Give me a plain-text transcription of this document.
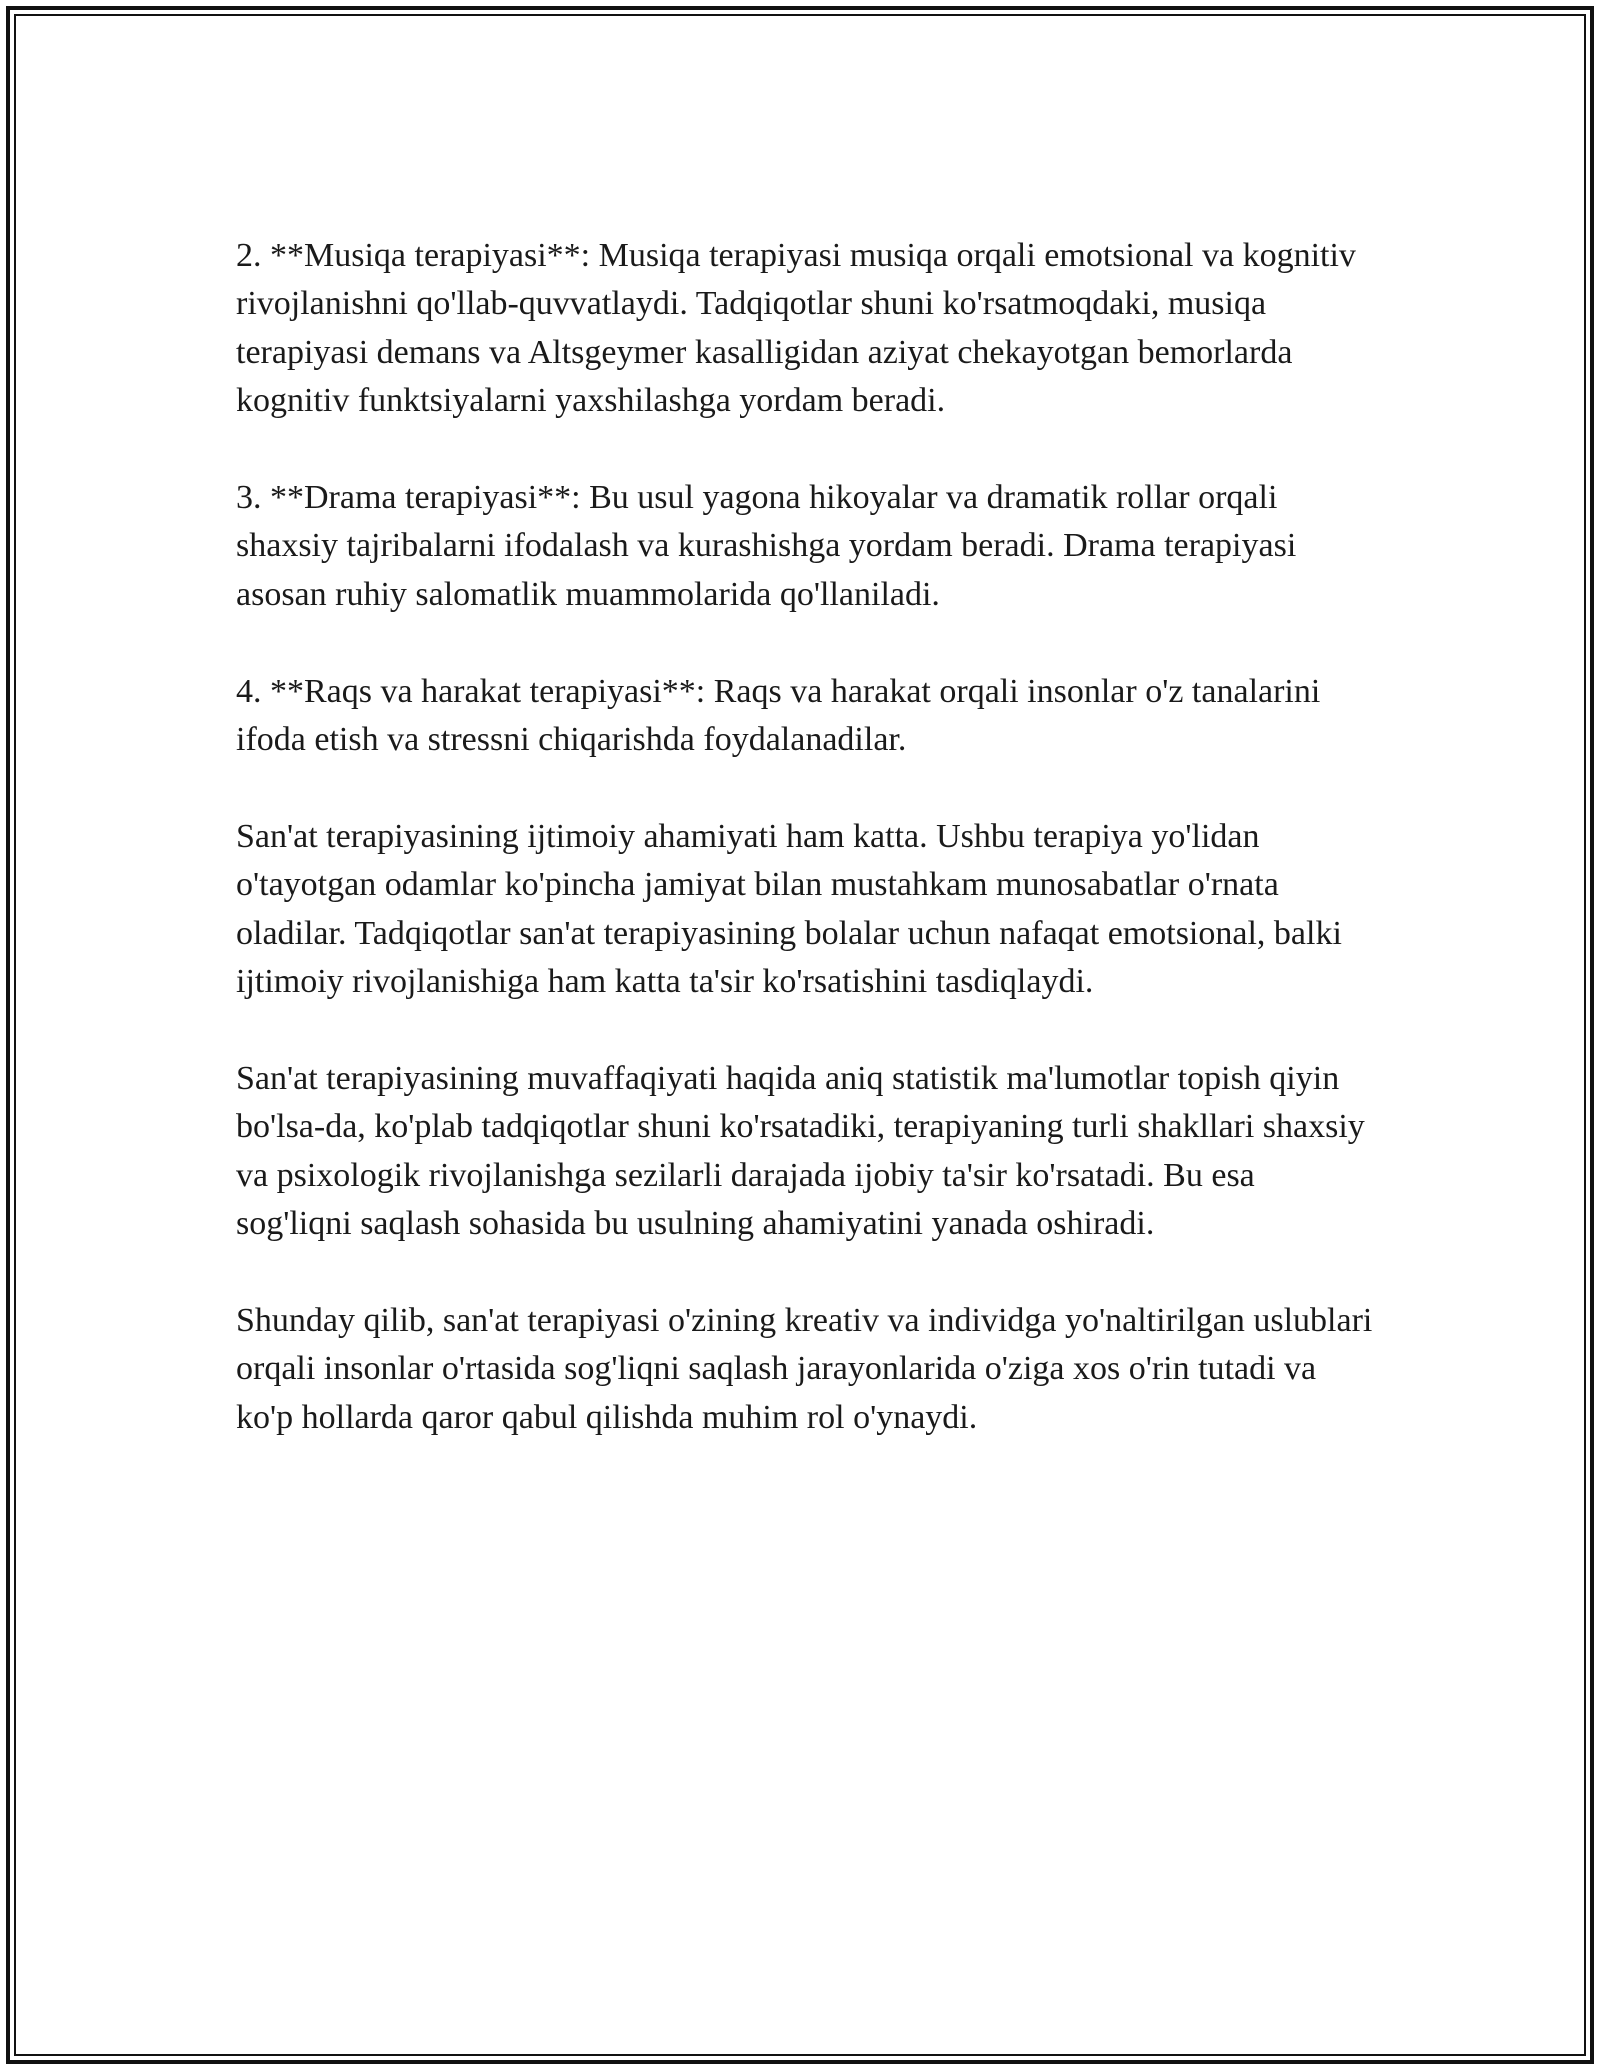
2. **Musiqa terapiyasi**: Musiqa terapiyasi musiqa orqali emotsional va kognitiv rivojlanishni qo'llab-quvvatlaydi. Tadqiqotlar shuni ko'rsatmoqdaki, musiqa terapiyasi demans va Altsgeymer kasalligidan aziyat chekayotgan bemorlarda kognitiv funktsiyalarni yaxshilashga yordam beradi.

3. **Drama terapiyasi**: Bu usul yagona hikoyalar va dramatik rollar orqali shaxsiy tajribalarni ifodalash va kurashishga yordam beradi. Drama terapiyasi asosan ruhiy salomatlik muammolarida qo'llaniladi.

4. **Raqs va harakat terapiyasi**: Raqs va harakat orqali insonlar o'z tanalarini ifoda etish va stressni chiqarishda foydalanadilar.

San'at terapiyasining ijtimoiy ahamiyati ham katta. Ushbu terapiya yo'lidan o'tayotgan odamlar ko'pincha jamiyat bilan mustahkam munosabatlar o'rnata oladilar. Tadqiqotlar san'at terapiyasining bolalar uchun nafaqat emotsional, balki ijtimoiy rivojlanishiga ham katta ta'sir ko'rsatishini tasdiqlaydi.

San'at terapiyasining muvaffaqiyati haqida aniq statistik ma'lumotlar topish qiyin bo'lsa-da, ko'plab tadqiqotlar shuni ko'rsatadiki, terapiyaning turli shakllari shaxsiy va psixologik rivojlanishga sezilarli darajada ijobiy ta'sir ko'rsatadi. Bu esa sog'liqni saqlash sohasida bu usulning ahamiyatini yanada oshiradi.

Shunday qilib, san'at terapiyasi o'zining kreativ va individga yo'naltirilgan uslublari orqali insonlar o'rtasida sog'liqni saqlash jarayonlarida o'ziga xos o'rin tutadi va ko'p hollarda qaror qabul qilishda muhim rol o'ynaydi.
